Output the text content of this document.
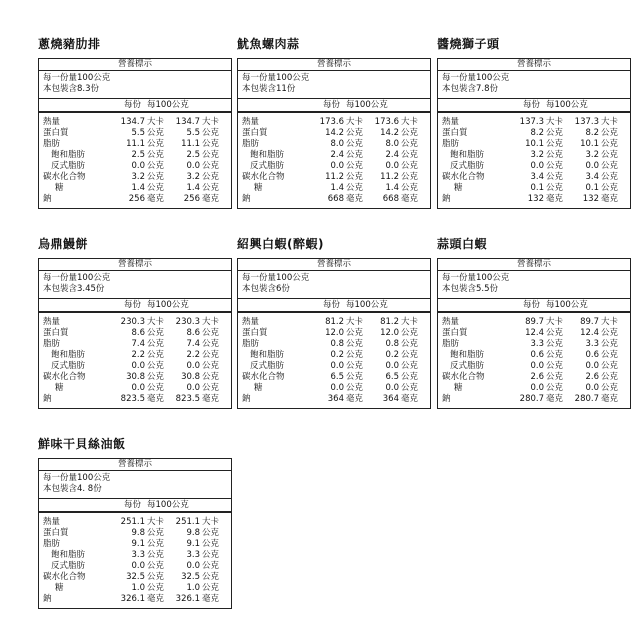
蔥燒豬肋排
營養標示
每一份量100公克
本包裝含8.3份
每份 每100公克
熱量	134.7 大卡	134.7 大卡
蛋白質	5.5 公克	5.5 公克
脂肪	11.1 公克	11.1 公克
飽和脂肪	2.5 公克	2.5 公克
反式脂肪	0.0 公克	0.0 公克
碳水化合物	3.2 公克	3.2 公克
糖	1.4 公克	1.4 公克
鈉	256 毫克	256 毫克
魷魚螺肉蒜
營養標示
每一份量100公克
本包裝含11份
每份 每100公克
熱量	173.6 大卡	173.6 大卡
蛋白質	14.2 公克	14.2 公克
脂肪	8.0 公克	8.0 公克
飽和脂肪	2.4 公克	2.4 公克
反式脂肪	0.0 公克	0.0 公克
碳水化合物	11.2 公克	11.2 公克
糖	1.4 公克	1.4 公克
鈉	668 毫克	668 毫克
醬燒獅子頭
營養標示
每一份量100公克
本包裝含7.8份
每份 每100公克
熱量	137.3 大卡	137.3 大卡
蛋白質	8.2 公克	8.2 公克
脂肪	10.1 公克	10.1 公克
飽和脂肪	3.2 公克	3.2 公克
反式脂肪	0.0 公克	0.0 公克
碳水化合物	3.4 公克	3.4 公克
糖	0.1 公克	0.1 公克
鈉	132 毫克	132 毫克
烏鼎鰻餅
營養標示
每一份量100公克
本包裝含3.45份
每份 每100公克
熱量	230.3 大卡	230.3 大卡
蛋白質	8.6 公克	8.6 公克
脂肪	7.4 公克	7.4 公克
飽和脂肪	2.2 公克	2.2 公克
反式脂肪	0.0 公克	0.0 公克
碳水化合物	30.8 公克	30.8 公克
糖	0.0 公克	0.0 公克
鈉	823.5 毫克	823.5 毫克
紹興白蝦(醉蝦)
營養標示
每一份量100公克
本包裝含6份
每份 每100公克
熱量	81.2 大卡	81.2 大卡
蛋白質	12.0 公克	12.0 公克
脂肪	0.8 公克	0.8 公克
飽和脂肪	0.2 公克	0.2 公克
反式脂肪	0.0 公克	0.0 公克
碳水化合物	6.5 公克	6.5 公克
糖	0.0 公克	0.0 公克
鈉	364 毫克	364 毫克
蒜頭白蝦
營養標示
每一份量100公克
本包裝含5.5份
每份 每100公克
熱量	89.7 大卡	89.7 大卡
蛋白質	12.4 公克	12.4 公克
脂肪	3.3 公克	3.3 公克
飽和脂肪	0.6 公克	0.6 公克
反式脂肪	0.0 公克	0.0 公克
碳水化合物	2.6 公克	2.6 公克
糖	0.0 公克	0.0 公克
鈉	280.7 毫克	280.7 毫克
鮮味干貝絲油飯
營養標示
每一份量100公克
本包裝含4. 8份
每份 每100公克
熱量	251.1 大卡	251.1 大卡
蛋白質	9.8 公克	9.8 公克
脂肪	9.1 公克	9.1 公克
飽和脂肪	3.3 公克	3.3 公克
反式脂肪	0.0 公克	0.0 公克
碳水化合物	32.5 公克	32.5 公克
糖	1.0 公克	1.0 公克
鈉	326.1 毫克	326.1 毫克
